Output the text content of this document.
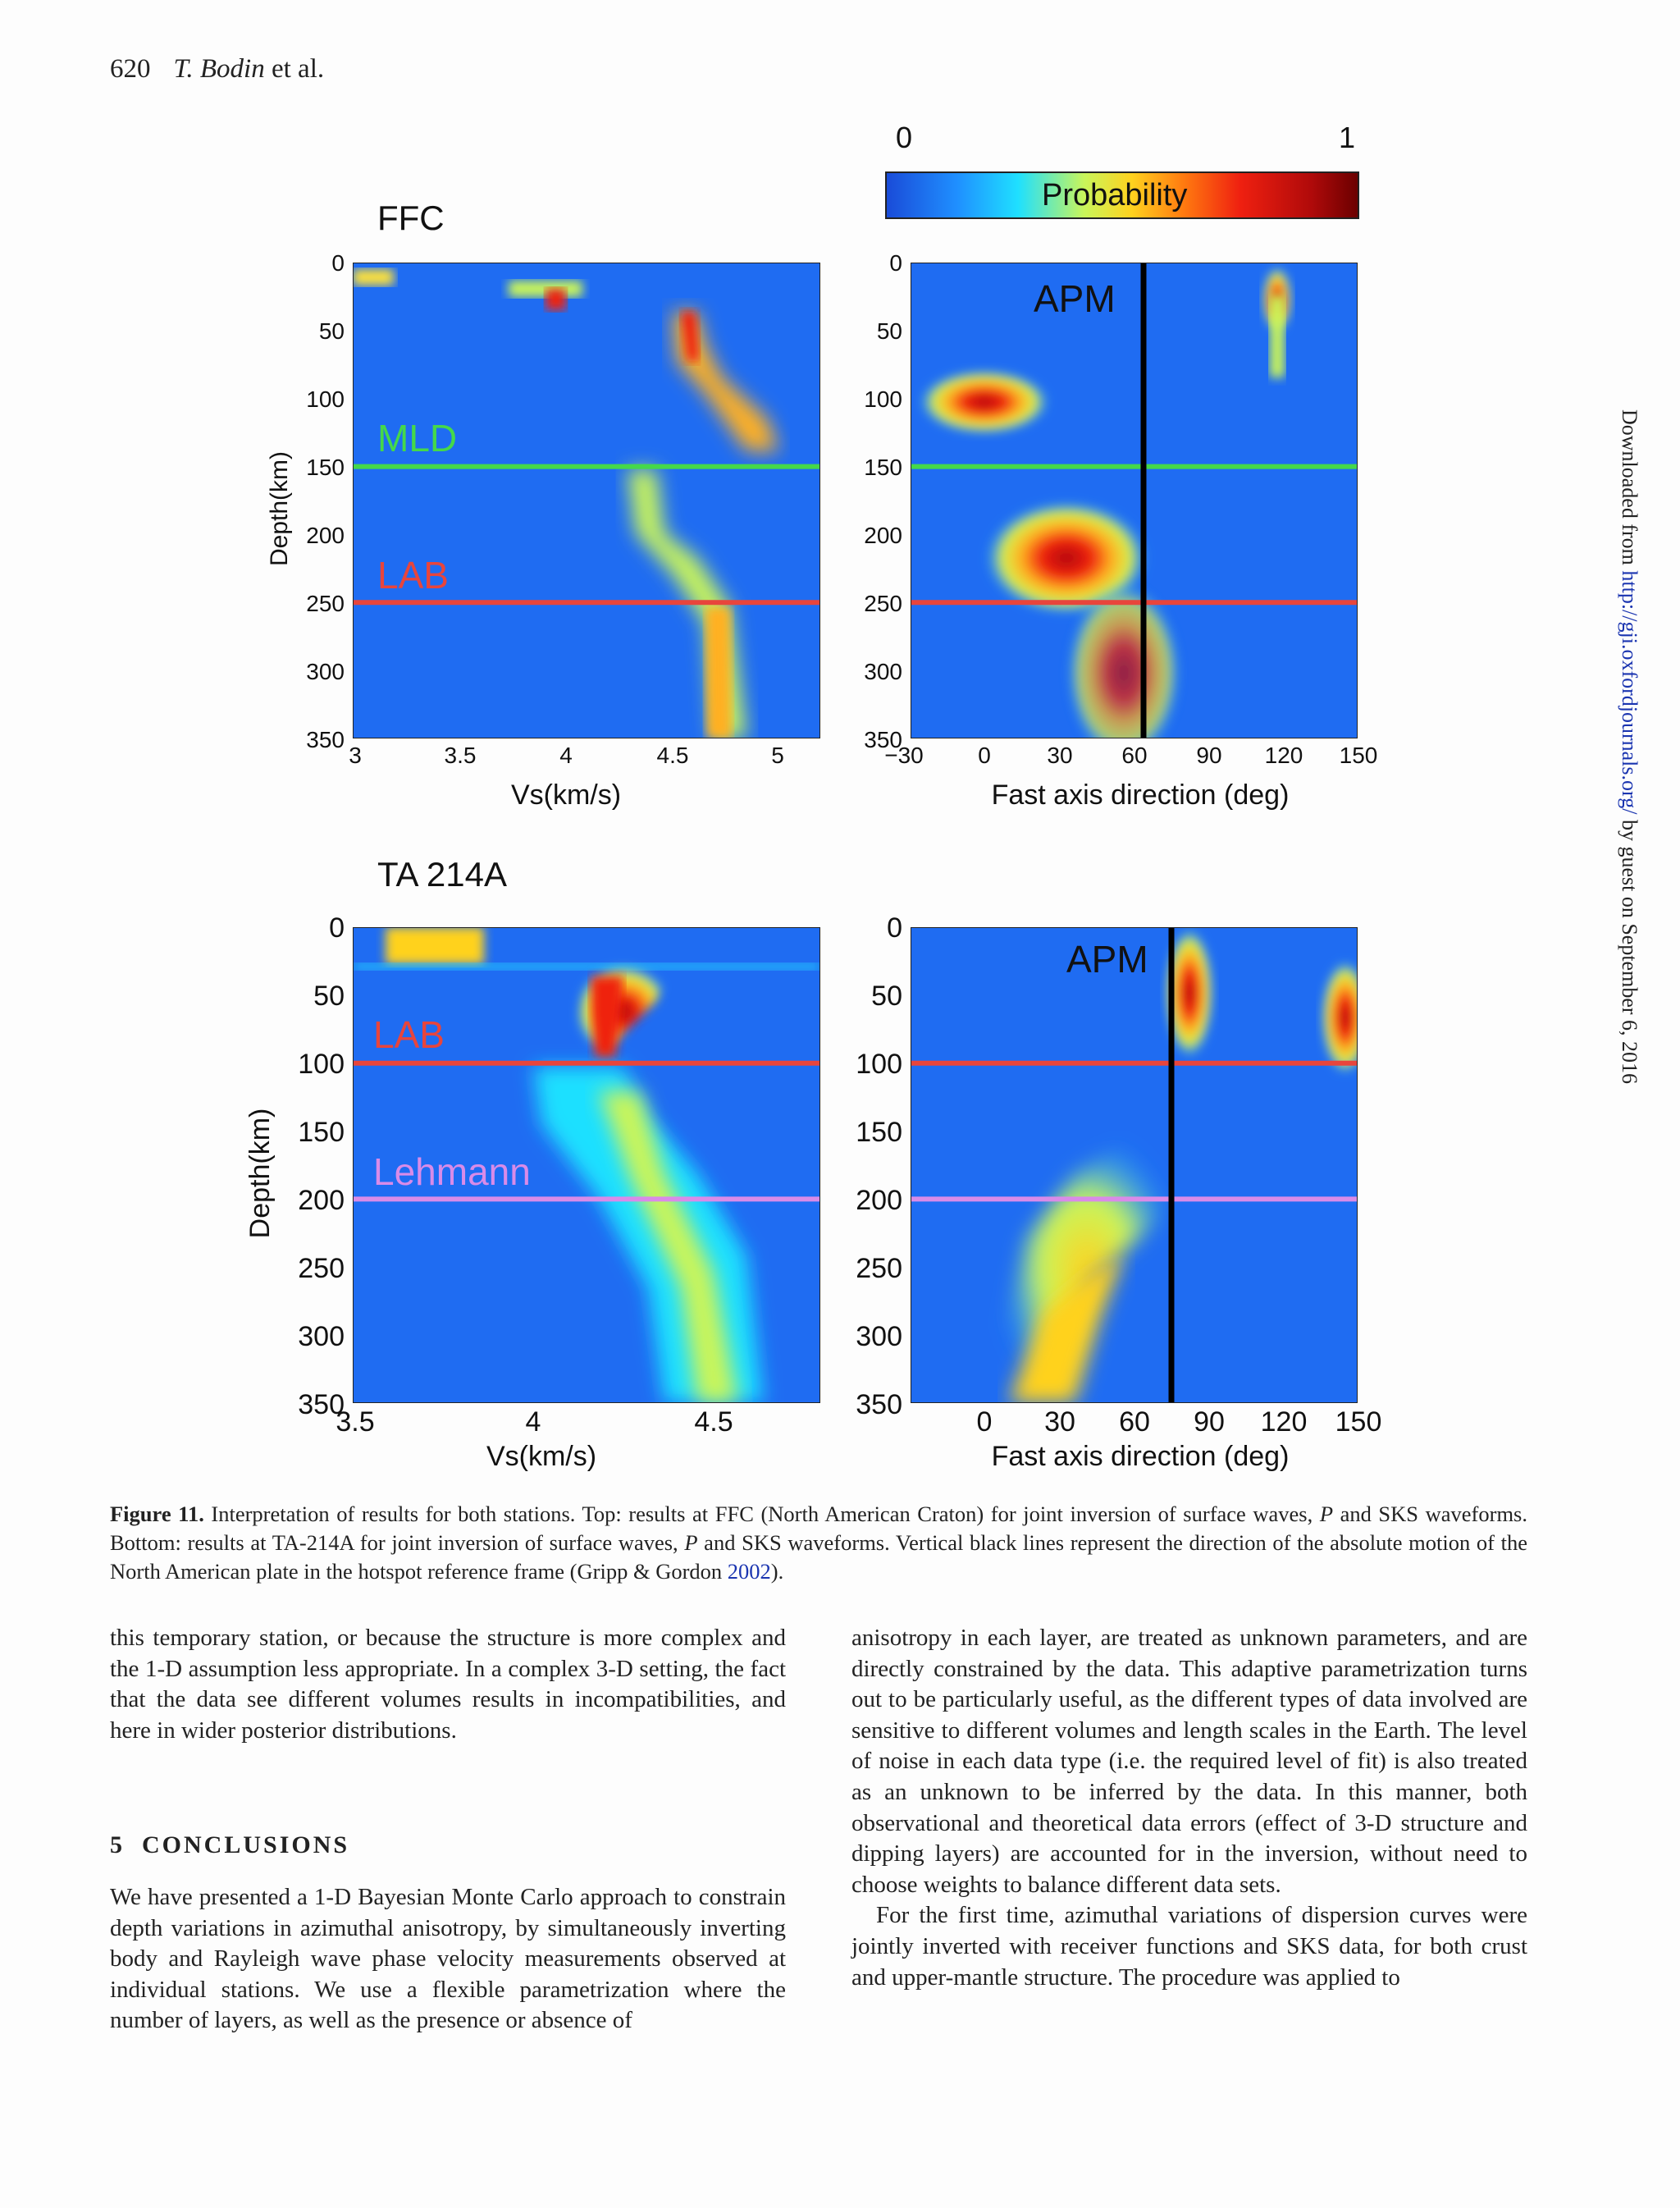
620 T. Bodin et al.
Downloaded from http://gji.oxfordjournals.org/ by guest on September 6, 2016
0	1
Probability
FFC
Depth(km)
MLD
LAB
0
50
100
150
200
250
300
350
3	3.5	4	4.5	5
Vs(km/s)
APM
0
50
100
150
200
250
300
350
−30 0 30 60 90 120 150
Fast axis direction (deg)
TA 214A
Depth(km)
LAB
Lehmann
0
50
100
150
200
250
300
350
3.5	4	4.5
Vs(km/s)
APM
0
50
100
150
200
250
300
350
0 30 60 90 120 150
Fast axis direction (deg)
Figure 11. Interpretation of results for both stations. Top: results at FFC (North American Craton) for joint inversion of surface waves, P and SKS waveforms. Bottom: results at TA-214A for joint inversion of surface waves, P and SKS waveforms. Vertical black lines represent the direction of the absolute motion of the North American plate in the hotspot reference frame (Gripp & Gordon 2002).

this temporary station, or because the structure is more complex and the 1-D assumption less appropriate. In a complex 3-D setting, the fact that the data see different volumes results in incompatibilities, and here in wider posterior distributions.

5 CONCLUSIONS

We have presented a 1-D Bayesian Monte Carlo approach to constrain depth variations in azimuthal anisotropy, by simultaneously inverting body and Rayleigh wave phase velocity measurements observed at individual stations. We use a flexible parametrization where the number of layers, as well as the presence or absence of

anisotropy in each layer, are treated as unknown parameters, and are directly constrained by the data. This adaptive parametrization turns out to be particularly useful, as the different types of data involved are sensitive to different volumes and length scales in the Earth. The level of noise in each data type (i.e. the required level of fit) is also treated as an unknown to be inferred by the data. In this manner, both observational and theoretical data errors (effect of 3-D structure and dipping layers) are accounted for in the inversion, without need to choose weights to balance different data sets.

For the first time, azimuthal variations of dispersion curves were jointly inverted with receiver functions and SKS data, for both crust and upper-mantle structure. The procedure was applied to
